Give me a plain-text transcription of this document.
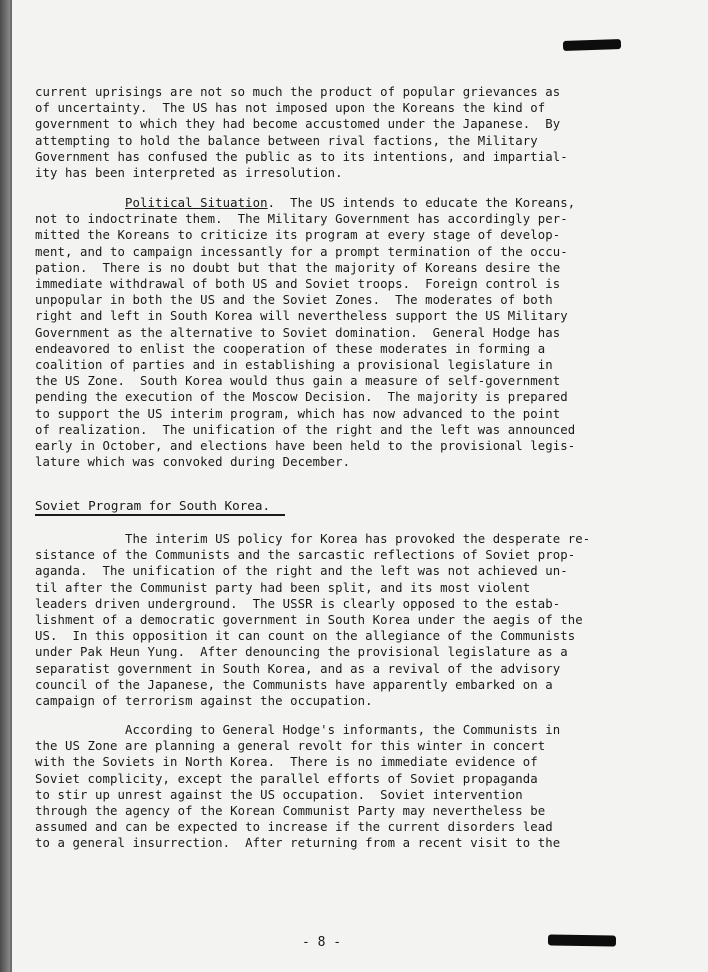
current uprisings are not so much the product of popular grievances as
of uncertainty.  The US has not imposed upon the Koreans the kind of
government to which they had become accustomed under the Japanese.  By
attempting to hold the balance between rival factions, the Military
Government has confused the public as to its intentions, and impartial-
ity has been interpreted as irresolution.
Political Situation.  The US intends to educate the Koreans,
not to indoctrinate them.  The Military Government has accordingly per-
mitted the Koreans to criticize its program at every stage of develop-
ment, and to campaign incessantly for a prompt termination of the occu-
pation.  There is no doubt but that the majority of Koreans desire the
immediate withdrawal of both US and Soviet troops.  Foreign control is
unpopular in both the US and the Soviet Zones.  The moderates of both
right and left in South Korea will nevertheless support the US Military
Government as the alternative to Soviet domination.  General Hodge has
endeavored to enlist the cooperation of these moderates in forming a
coalition of parties and in establishing a provisional legislature in
the US Zone.  South Korea would thus gain a measure of self-government
pending the execution of the Moscow Decision.  The majority is prepared
to support the US interim program, which has now advanced to the point
of realization.  The unification of the right and the left was announced
early in October, and elections have been held to the provisional legis-
lature which was convoked during December.
Soviet Program for South Korea.
The interim US policy for Korea has provoked the desperate re-
sistance of the Communists and the sarcastic reflections of Soviet prop-
aganda.  The unification of the right and the left was not achieved un-
til after the Communist party had been split, and its most violent
leaders driven underground.  The USSR is clearly opposed to the estab-
lishment of a democratic government in South Korea under the aegis of the
US.  In this opposition it can count on the allegiance of the Communists
under Pak Heun Yung.  After denouncing the provisional legislature as a
separatist government in South Korea, and as a revival of the advisory
council of the Japanese, the Communists have apparently embarked on a
campaign of terrorism against the occupation.
According to General Hodge's informants, the Communists in
the US Zone are planning a general revolt for this winter in concert
with the Soviets in North Korea.  There is no immediate evidence of
Soviet complicity, except the parallel efforts of Soviet propaganda
to stir up unrest against the US occupation.  Soviet intervention
through the agency of the Korean Communist Party may nevertheless be
assumed and can be expected to increase if the current disorders lead
to a general insurrection.  After returning from a recent visit to the
- 8 -
